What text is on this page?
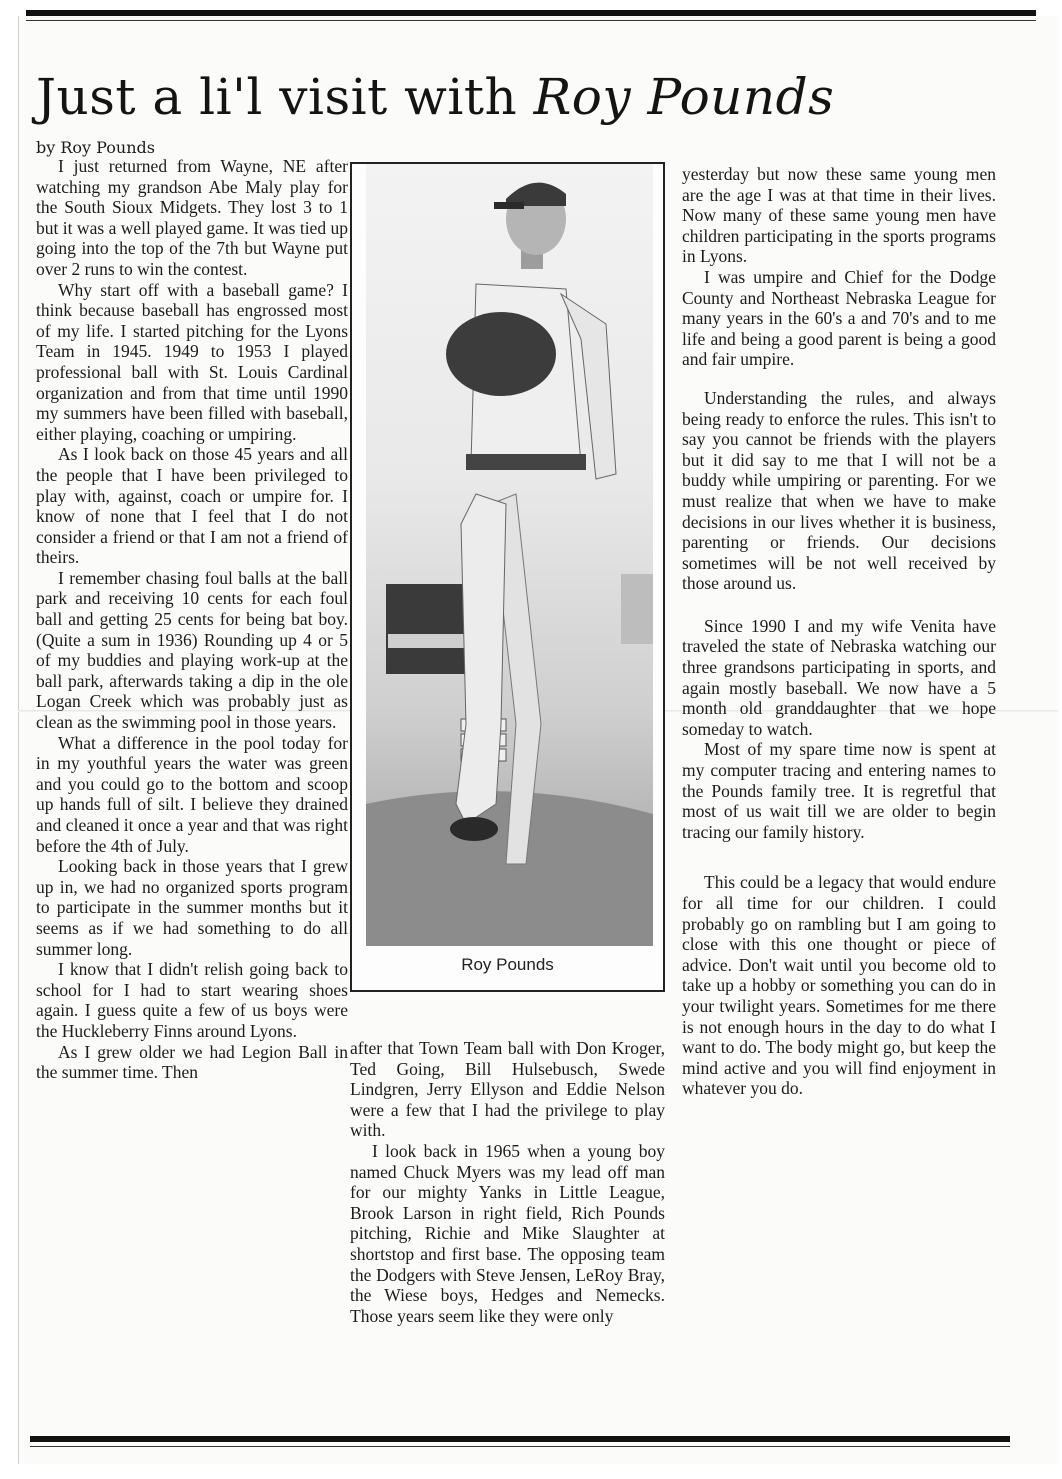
Just a li'l visit with Roy Pounds
by Roy Pounds

I just returned from Wayne, NE after watching my grandson Abe Maly play for the South Sioux Midgets. They lost 3 to 1 but it was a well played game. It was tied up going into the top of the 7th but Wayne put over 2 runs to win the contest.

Why start off with a baseball game? I think because baseball has engrossed most of my life. I started pitching for the Lyons Team in 1945. 1949 to 1953 I played professional ball with St. Louis Cardinal organization and from that time until 1990 my summers have been filled with baseball, either playing, coaching or umpiring.

As I look back on those 45 years and all the people that I have been privileged to play with, against, coach or umpire for. I know of none that I feel that I do not consider a friend or that I am not a friend of theirs.

I remember chasing foul balls at the ball park and receiving 10 cents for each foul ball and getting 25 cents for being bat boy. (Quite a sum in 1936) Rounding up 4 or 5 of my buddies and playing work-up at the ball park, afterwards taking a dip in the ole Logan Creek which was probably just as clean as the swimming pool in those years.

What a difference in the pool today for in my youthful years the water was green and you could go to the bottom and scoop up hands full of silt. I believe they drained and cleaned it once a year and that was right before the 4th of July.

Looking back in those years that I grew up in, we had no organized sports program to participate in the summer months but it seems as if we had something to do all summer long.

I know that I didn't relish going back to school for I had to start wearing shoes again. I guess quite a few of us boys were the Huckleberry Finns around Lyons.

As I grew older we had Legion Ball in the summer time. Then

Roy Pounds

after that Town Team ball with Don Kroger, Ted Going, Bill Hulsebusch, Swede Lindgren, Jerry Ellyson and Eddie Nelson were a few that I had the privilege to play with.

I look back in 1965 when a young boy named Chuck Myers was my lead off man for our mighty Yanks in Little League, Brook Larson in right field, Rich Pounds pitching, Richie and Mike Slaughter at shortstop and first base. The opposing team the Dodgers with Steve Jensen, LeRoy Bray, the Wiese boys, Hedges and Nemecks. Those years seem like they were only

yesterday but now these same young men are the age I was at that time in their lives. Now many of these same young men have children participating in the sports programs in Lyons.

I was umpire and Chief for the Dodge County and Northeast Nebraska League for many years in the 60's a and 70's and to me life and being a good parent is being a good and fair umpire.

Understanding the rules, and always being ready to enforce the rules. This isn't to say you cannot be friends with the players but it did say to me that I will not be a buddy while umpiring or parenting. For we must realize that when we have to make decisions in our lives whether it is business, parenting or friends. Our decisions sometimes will be not well received by those around us.

Since 1990 I and my wife Venita have traveled the state of Nebraska watching our three grandsons participating in sports, and again mostly baseball. We now have a 5 month old granddaughter that we hope someday to watch.

Most of my spare time now is spent at my computer tracing and entering names to the Pounds family tree. It is regretful that most of us wait till we are older to begin tracing our family history.

This could be a legacy that would endure for all time for our children. I could probably go on rambling but I am going to close with this one thought or piece of advice. Don't wait until you become old to take up a hobby or something you can do in your twilight years. Sometimes for me there is not enough hours in the day to do what I want to do. The body might go, but keep the mind active and you will find enjoyment in whatever you do.
